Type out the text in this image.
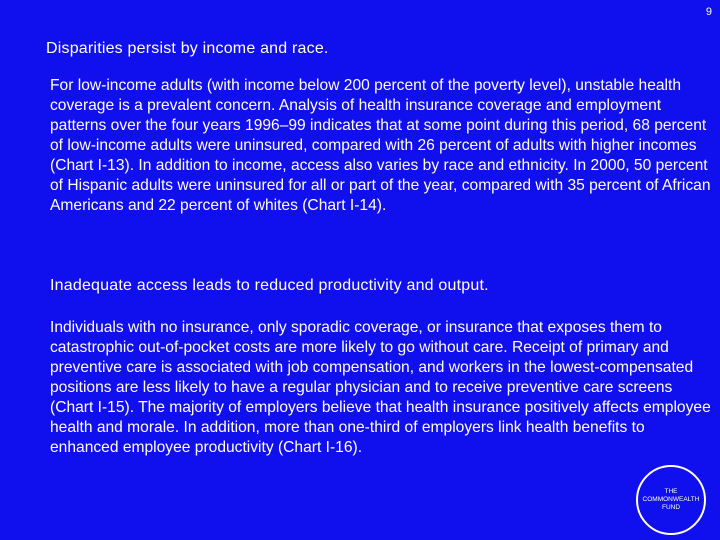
9
Disparities persist by income and race.

For low-income adults (with income below 200 percent of the poverty level), unstable health coverage is a prevalent concern. Analysis of health insurance coverage and employment patterns over the four years 1996–99 indicates that at some point during this period, 68 percent of low-income adults were uninsured, compared with 26 percent of adults with higher incomes (Chart I-13). In addition to income, access also varies by race and ethnicity. In 2000, 50 percent of Hispanic adults were uninsured for all or part of the year, compared with 35 percent of African Americans and 22 percent of whites (Chart I-14).

Inadequate access leads to reduced productivity and output.

Individuals with no insurance, only sporadic coverage, or insurance that exposes them to catastrophic out-of-pocket costs are more likely to go without care. Receipt of primary and preventive care is associated with job compensation, and workers in the lowest-compensated positions are less likely to have a regular physician and to receive preventive care screens (Chart I-15). The majority of employers believe that health insurance positively affects employee health and morale. In addition, more than one-third of employers link health benefits to enhanced employee productivity (Chart I-16).

THE
COMMONWEALTH
FUND
